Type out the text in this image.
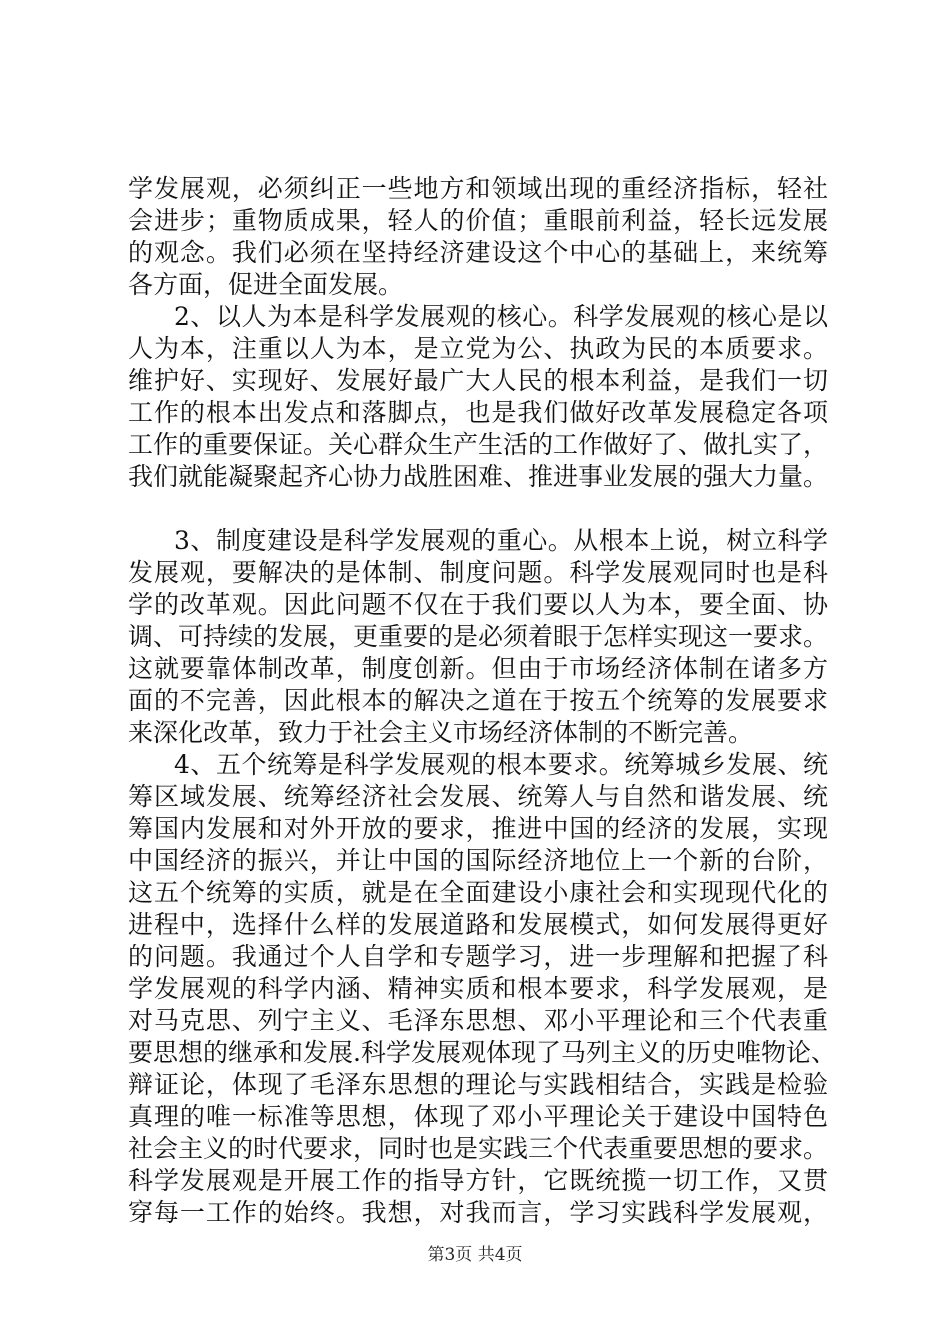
学发展观，必须纠正一些地方和领域出现的重经济指标，轻社
会进步；重物质成果，轻人的价值；重眼前利益，轻长远发展
的观念。我们必须在坚持经济建设这个中心的基础上，来统筹
各方面，促进全面发展。
2、以人为本是科学发展观的核心。科学发展观的核心是以
人为本，注重以人为本，是立党为公、执政为民的本质要求。
维护好、实现好、发展好最广大人民的根本利益，是我们一切
工作的根本出发点和落脚点，也是我们做好改革发展稳定各项
工作的重要保证。关心群众生产生活的工作做好了、做扎实了，
我们就能凝聚起齐心协力战胜困难、推进事业发展的强大力量。
3、制度建设是科学发展观的重心。从根本上说，树立科学
发展观，要解决的是体制、制度问题。科学发展观同时也是科
学的改革观。因此问题不仅在于我们要以人为本，要全面、协
调、可持续的发展，更重要的是必须着眼于怎样实现这一要求。
这就要靠体制改革，制度创新。但由于市场经济体制在诸多方
面的不完善，因此根本的解决之道在于按五个统筹的发展要求
来深化改革，致力于社会主义市场经济体制的不断完善。
4、五个统筹是科学发展观的根本要求。统筹城乡发展、统
筹区域发展、统筹经济社会发展、统筹人与自然和谐发展、统
筹国内发展和对外开放的要求，推进中国的经济的发展，实现
中国经济的振兴，并让中国的国际经济地位上一个新的台阶，
这五个统筹的实质，就是在全面建设小康社会和实现现代化的
进程中，选择什么样的发展道路和发展模式，如何发展得更好
的问题。我通过个人自学和专题学习，进一步理解和把握了科
学发展观的科学内涵、精神实质和根本要求，科学发展观，是
对马克思、列宁主义、毛泽东思想、邓小平理论和三个代表重
要思想的继承和发展.科学发展观体现了马列主义的历史唯物论、
辩证论，体现了毛泽东思想的理论与实践相结合，实践是检验
真理的唯一标准等思想，体现了邓小平理论关于建设中国特色
社会主义的时代要求，同时也是实践三个代表重要思想的要求。
科学发展观是开展工作的指导方针，它既统揽一切工作，又贯
穿每一工作的始终。我想，对我而言，学习实践科学发展观，
第3页 共4页
